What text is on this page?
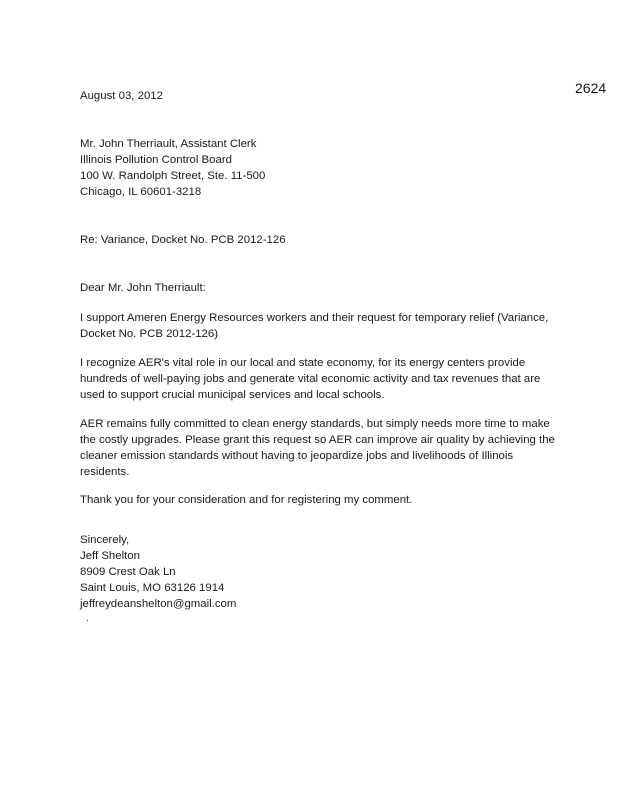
2624
August 03, 2012
Mr. John Therriault, Assistant Clerk
Illinois Pollution Control Board
100 W. Randolph Street, Ste. 11-500
Chicago, IL 60601-3218
Re: Variance, Docket No. PCB 2012-126
Dear Mr. John Therriault:

I support Ameren Energy Resources workers and their request for temporary relief (Variance, Docket No. PCB 2012-126)

I recognize AER's vital role in our local and state economy, for its energy centers provide hundreds of well-paying jobs and generate vital economic activity and tax revenues that are used to support crucial municipal services and local schools.

AER remains fully committed to clean energy standards, but simply needs more time to make the costly upgrades. Please grant this request so AER can improve air quality by achieving the cleaner emission standards without having to jeopardize jobs and livelihoods of Illinois residents.

Thank you for your consideration and for registering my comment.

Sincerely,
Jeff Shelton
8909 Crest Oak Ln
Saint Louis, MO 63126 1914
jeffreydeanshelton@gmail.com
.
